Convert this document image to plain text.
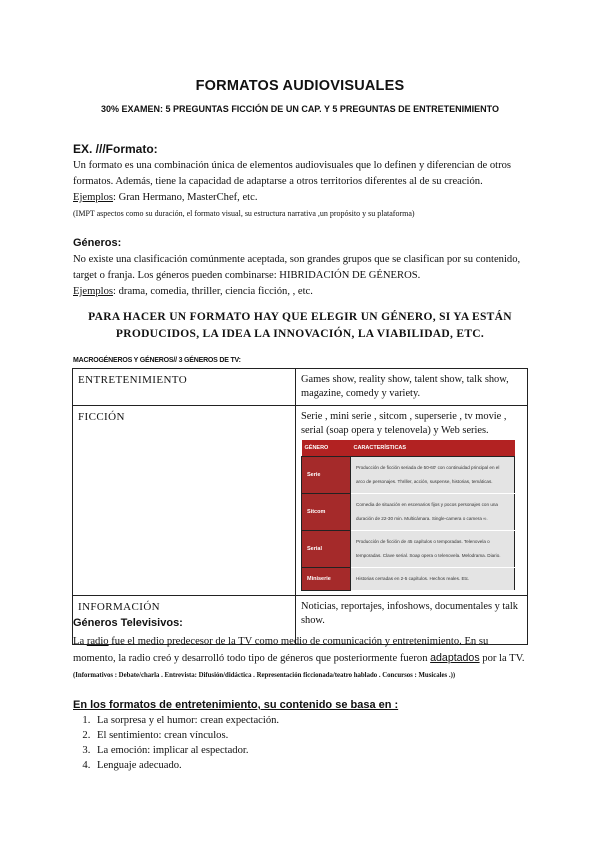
FORMATOS AUDIOVISUALES
30% EXAMEN: 5 PREGUNTAS FICCIÓN DE UN CAP. Y 5 PREGUNTAS DE ENTRETENIMIENTO
EX. ///Formato:
Un formato es una combinación única de elementos audiovisuales que lo definen y diferencian de otros formatos. Además, tiene la capacidad de adaptarse a otros territorios diferentes al de su creación.
Ejemplos: Gran Hermano, MasterChef, etc.
(IMPT aspectos como su duración, el formato visual, su estructura narrativa ,un propósito y su plataforma)
Géneros:
No existe una clasificación comúnmente aceptada, son grandes grupos que se clasifican por su contenido, target o franja. Los géneros pueden combinarse: HIBRIDACIÓN DE GÉNEROS.
Ejemplos: drama, comedia, thriller, ciencia ficción, , etc.
PARA HACER UN FORMATO HAY QUE ELEGIR UN GÉNERO, SI YA ESTÁN PRODUCIDOS, LA IDEA LA INNOVACIÓN, LA VIABILIDAD, ETC.
MACROGÉNEROS Y GÉNEROS// 3 GÉNEROS DE TV:
ENTRETENIMIENTO	Games show, reality show, talent show, talk show, magazine, comedy y variety.
FICCIÓN	Serie , mini serie , sitcom , superserie , tv movie , serial (soap opera y telenovela) y Web series.
GÉNERO	CARACTERÍSTICAS
Serie	Producción de ficción seriada de 50-60' con continuidad principal en el arco de personajes. Thriller, acción, suspense, historias, temáticas.
Sitcom	Comedia de situación en escenarios fijos y pocos personajes con una duración de 22-30 min. Multicámara. Single-camera o camera ∞.
Serial	Producción de ficción de 45 capítulos o temporadas. Telenovela o temporadas. Clave serial. Soap opera o telenovela. Melodrama. Diario.
Miniserie	Historias cerradas en 2-5 capítulos. Hechos reales. Etc.

INFORMACIÓN	Noticias, reportajes, infoshows, documentales y talk show.
Géneros Televisivos:
La radio fue el medio predecesor de la TV como medio de comunicación y entretenimiento. En su momento, la radio creó y desarrolló todo tipo de géneros que posteriormente fueron adaptados por la TV. (Informativos : Debate/charla . Entrevista: Difusión/didáctica . Representación ficcionada/teatro hablado . Concursos : Musicales .))
En los formatos de entretenimiento, su contenido se basa en :
1. La sorpresa y el humor: crean expectación.
2. El sentimiento: crean vínculos.
3. La emoción: implicar al espectador.
4. Lenguaje adecuado.
